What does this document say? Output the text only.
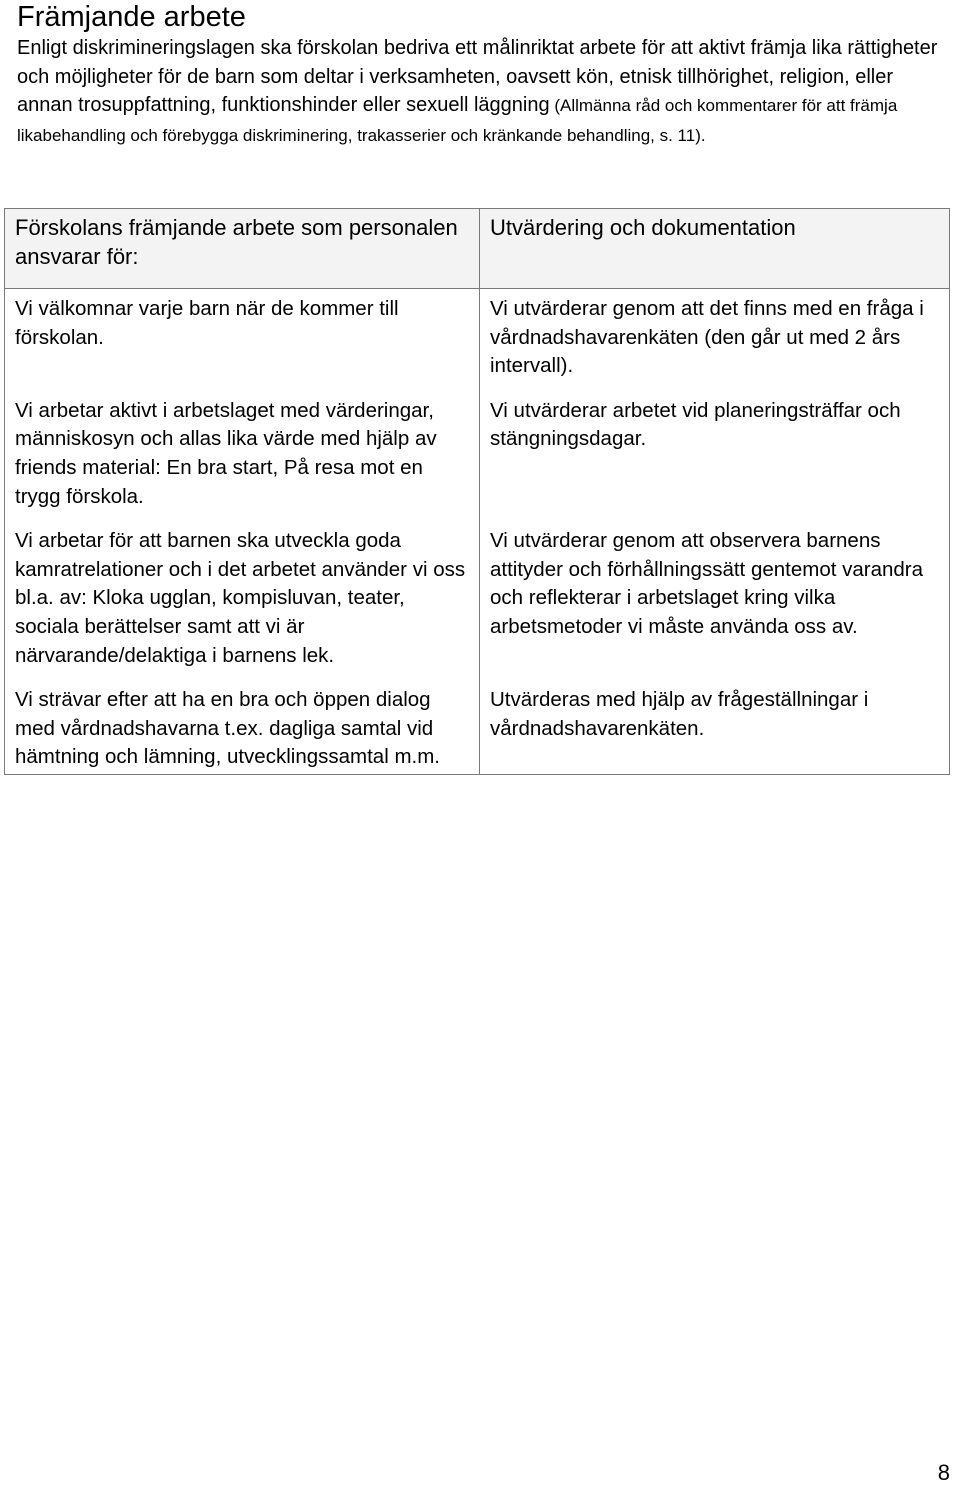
Främjande arbete

Enligt diskrimineringslagen ska förskolan bedriva ett målinriktat arbete för att aktivt främja lika rättigheter och möjligheter för de barn som deltar i verksamheten, oavsett kön, etnisk tillhörighet, religion, eller annan trosuppfattning, funktionshinder eller sexuell läggning (Allmänna råd och kommentarer för att främja likabehandling och förebygga diskriminering, trakasserier och kränkande behandling, s. 11).

Förskolans främjande arbete som personalen ansvarar för:	Utvärdering och dokumentation
Vi välkomnar varje barn när de kommer till förskolan.	Vi utvärderar genom att det finns med en fråga i vårdnadshavarenkäten (den går ut med 2 års intervall).
Vi arbetar aktivt i arbetslaget med värderingar, människosyn och allas lika värde med hjälp av friends material: En bra start, På resa mot en trygg förskola.	Vi utvärderar arbetet vid planeringsträffar och stängningsdagar.
Vi arbetar för att barnen ska utveckla goda kamratrelationer och i det arbetet använder vi oss bl.a. av: Kloka ugglan, kompisluvan, teater, sociala berättelser samt att vi är närvarande/delaktiga i barnens lek.	Vi utvärderar genom att observera barnens attityder och förhållningssätt gentemot varandra och reflekterar i arbetslaget kring vilka arbetsmetoder vi måste använda oss av.
Vi strävar efter att ha en bra och öppen dialog med vårdnadshavarna t.ex. dagliga samtal vid hämtning och lämning, utvecklingssamtal m.m.	Utvärderas med hjälp av frågeställningar i vårdnadshavarenkäten.
8
